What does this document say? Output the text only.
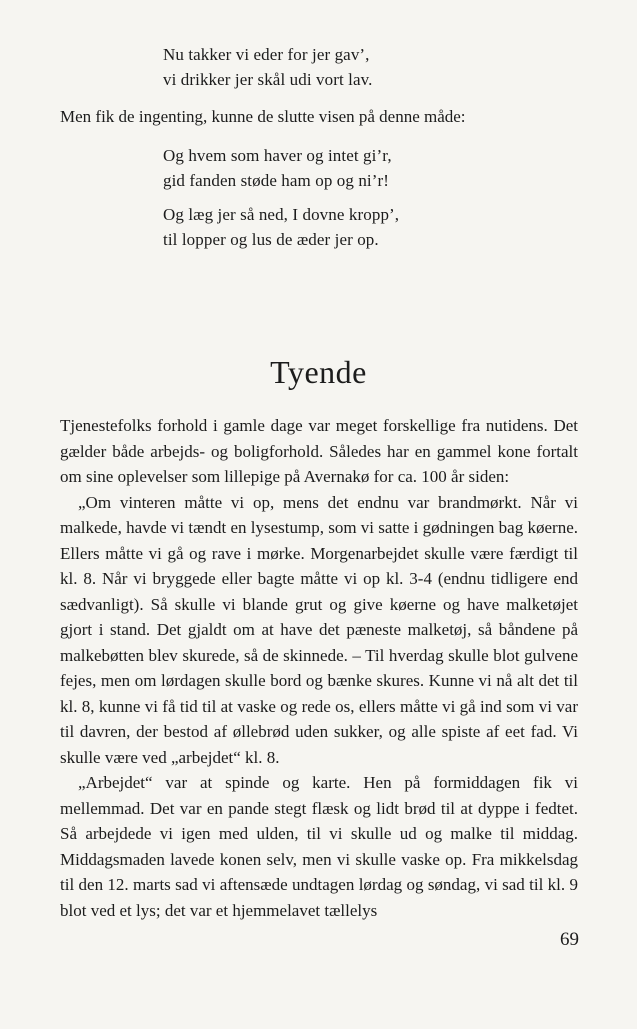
Nu takker vi eder for jer gav’,
vi drikker jer skål udi vort lav.
Men fik de ingenting, kunne de slutte visen på denne måde:
Og hvem som haver og intet gi’r,
gid fanden støde ham op og ni’r!
Og læg jer så ned, I dovne kropp’,
til lopper og lus de æder jer op.
Tyende

Tjenestefolks forhold i gamle dage var meget forskellige fra nutidens. Det gælder både arbejds- og boligforhold. Således har en gammel kone fortalt om sine oplevelser som lillepige på Avernakø for ca. 100 år siden:

„Om vinteren måtte vi op, mens det endnu var brandmørkt. Når vi malkede, havde vi tændt en lysestump, som vi satte i gødningen bag køerne. Ellers måtte vi gå og rave i mørke. Morgenarbejdet skulle være færdigt til kl. 8. Når vi bryggede eller bagte måtte vi op kl. 3-4 (endnu tidligere end sædvanligt). Så skulle vi blande grut og give køerne og have malketøjet gjort i stand. Det gjaldt om at have det pæneste malketøj, så båndene på malkebøtten blev skurede, så de skinnede. – Til hverdag skulle blot gulvene fejes, men om lørdagen skulle bord og bænke skures. Kunne vi nå alt det til kl. 8, kunne vi få tid til at vaske og rede os, ellers måtte vi gå ind som vi var til davren, der bestod af øllebrød uden sukker, og alle spiste af eet fad. Vi skulle være ved „arbejdet“ kl. 8.

„Arbejdet“ var at spinde og karte. Hen på formiddagen fik vi mellemmad. Det var en pande stegt flæsk og lidt brød til at dyppe i fedtet. Så arbejdede vi igen med ulden, til vi skulle ud og malke til middag. Middagsmaden lavede konen selv, men vi skulle vaske op. Fra mikkelsdag til den 12. marts sad vi aftensæde undtagen lørdag og søndag, vi sad til kl. 9 blot ved et lys; det var et hjemmelavet tællelys

69
